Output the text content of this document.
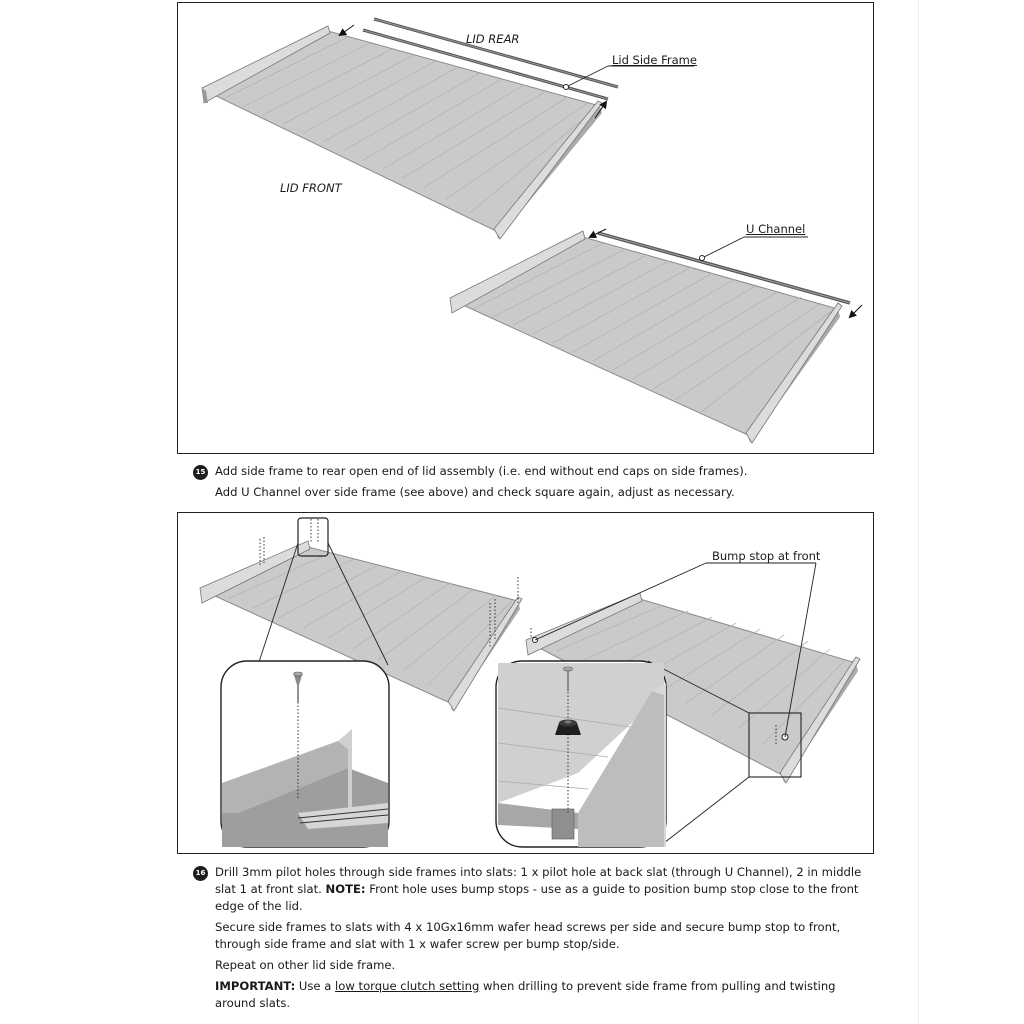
LID REAR
Lid Side Frame
LID FRONT
U Channel
15 Add side frame to rear open end of lid assembly (i.e. end without end caps on side frames).

Add U Channel over side frame (see above) and check square again, adjust as necessary.

Bump stop at front
16 Drill 3mm pilot holes through side frames into slats: 1 x pilot hole at back slat (through U Channel), 2 in middle slat 1 at front slat. NOTE: Front hole uses bump stops - use as a guide to position bump stop close to the front edge of the lid.

Secure side frames to slats with 4 x 10Gx16mm wafer head screws per side and secure bump stop to front, through side frame and slat with 1 x wafer screw per bump stop/side.

Repeat on other lid side frame.

IMPORTANT: Use a low torque clutch setting when drilling to prevent side frame from pulling and twisting around slats.
